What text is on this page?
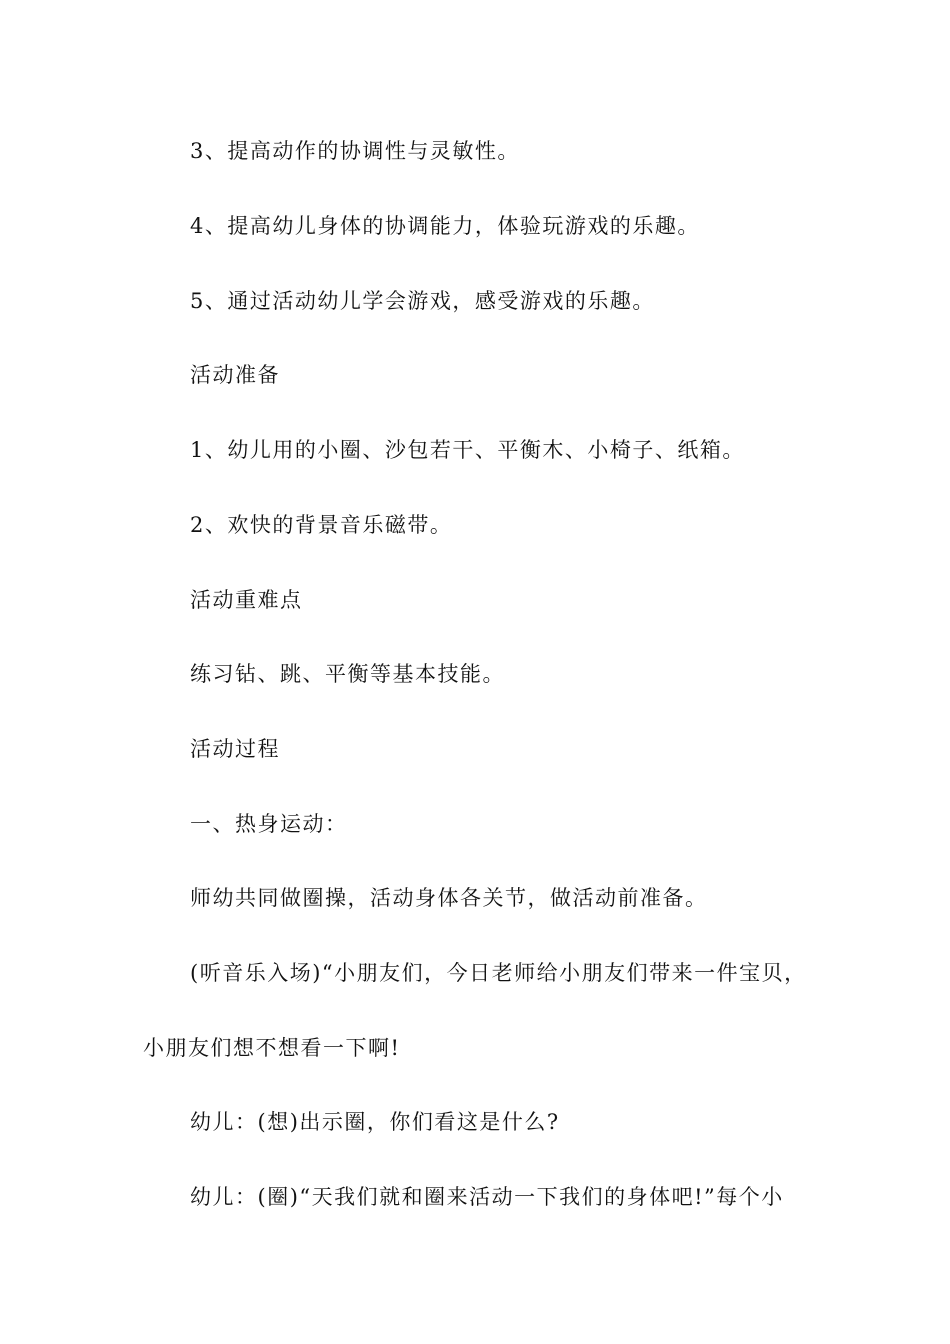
3、提高动作的协调性与灵敏性。
4、提高幼儿身体的协调能力，体验玩游戏的乐趣。
5、通过活动幼儿学会游戏，感受游戏的乐趣。
活动准备
1、幼儿用的小圈、沙包若干、平衡木、小椅子、纸箱。
2、欢快的背景音乐磁带。
活动重难点
练习钻、跳、平衡等基本技能。
活动过程
一、热身运动：
师幼共同做圈操，活动身体各关节，做活动前准备。
(听音乐入场)“小朋友们，今日老师给小朋友们带来一件宝贝，
小朋友们想不想看一下啊!
幼儿：(想)出示圈，你们看这是什么?
幼儿：(圈)“天我们就和圈来活动一下我们的身体吧!”每个小
